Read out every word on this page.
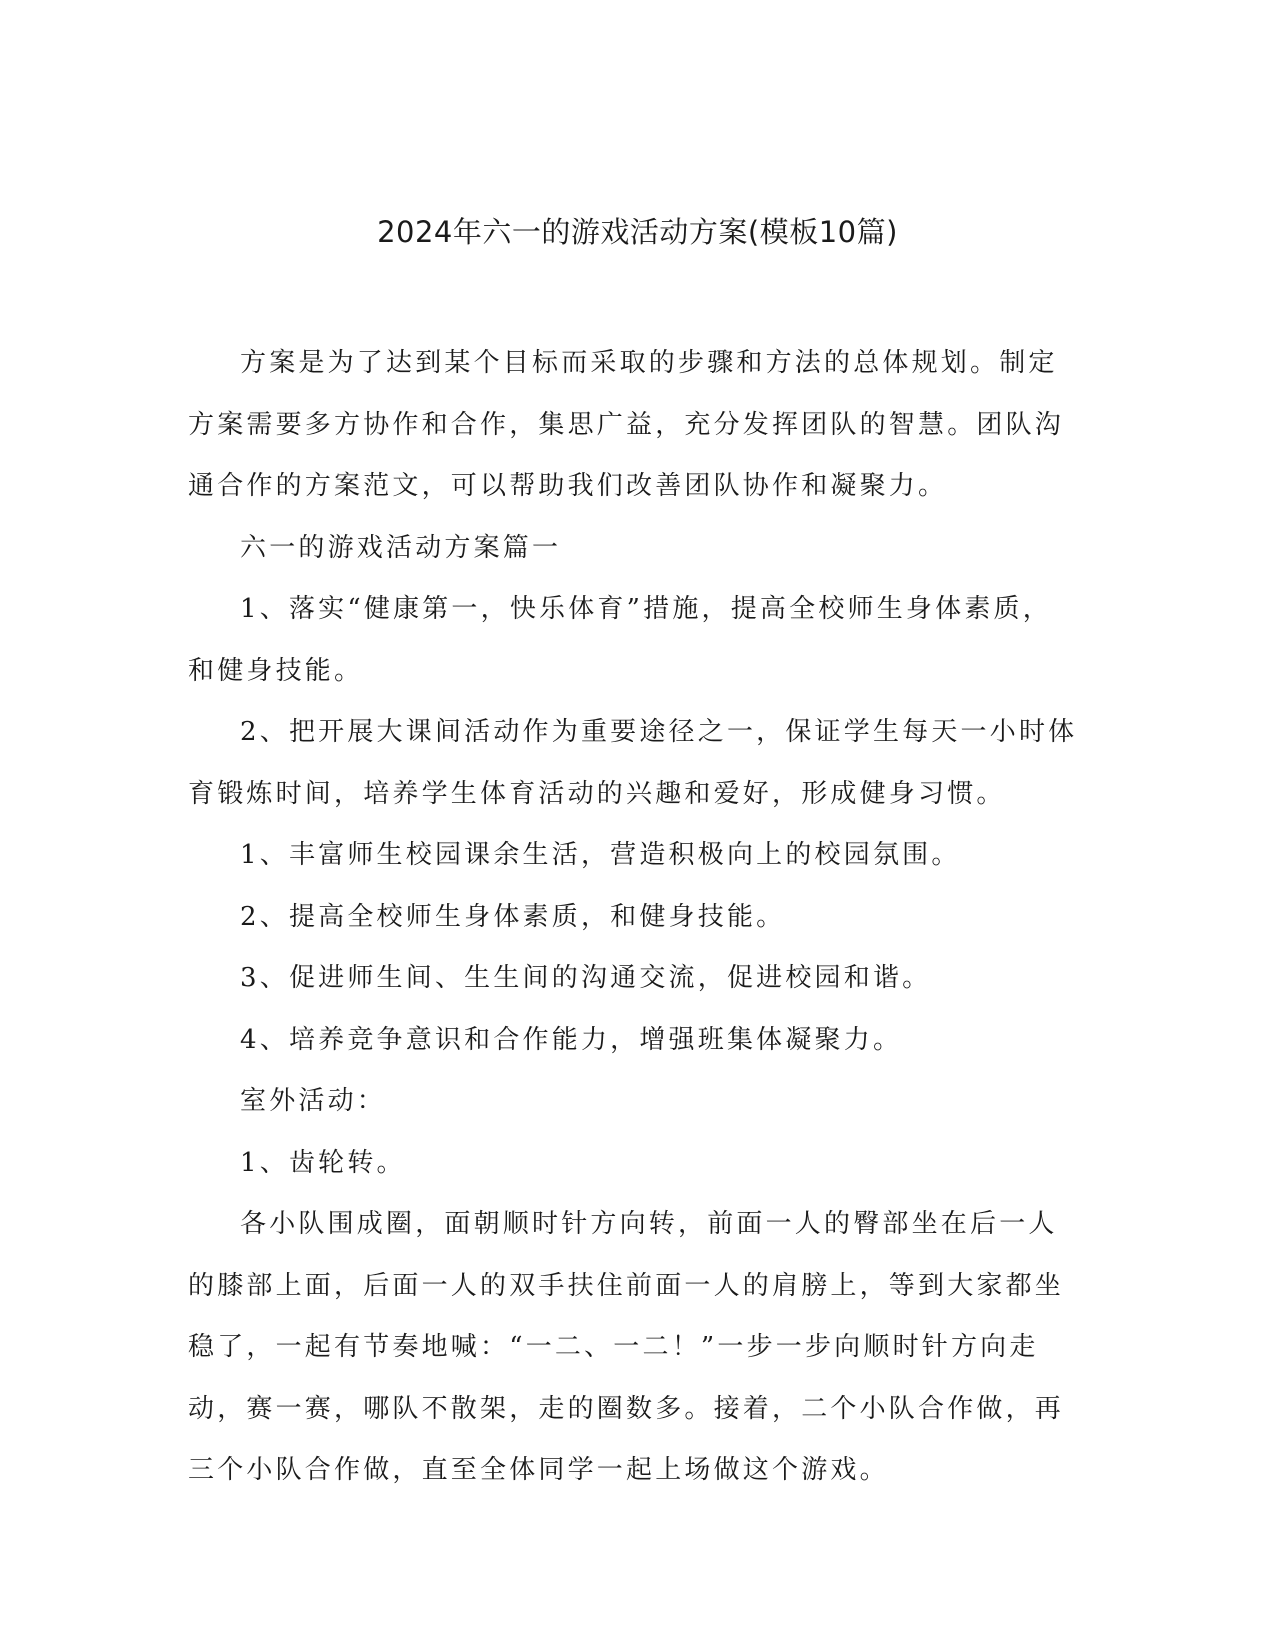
2024年六一的游戏活动方案(模板10篇)

方案是为了达到某个目标而采取的步骤和方法的总体规划。制定方案需要多方协作和合作，集思广益，充分发挥团队的智慧。团队沟通合作的方案范文，可以帮助我们改善团队协作和凝聚力。

六一的游戏活动方案篇一

1、落实“健康第一，快乐体育”措施，提高全校师生身体素质，和健身技能。

2、把开展大课间活动作为重要途径之一，保证学生每天一小时体育锻炼时间，培养学生体育活动的兴趣和爱好，形成健身习惯。

1、丰富师生校园课余生活，营造积极向上的校园氛围。

2、提高全校师生身体素质，和健身技能。

3、促进师生间、生生间的沟通交流，促进校园和谐。

4、培养竞争意识和合作能力，增强班集体凝聚力。

室外活动：

1、齿轮转。

各小队围成圈，面朝顺时针方向转，前面一人的臀部坐在后一人的膝部上面，后面一人的双手扶住前面一人的肩膀上，等到大家都坐稳了，一起有节奏地喊：“一二、一二！”一步一步向顺时针方向走动，赛一赛，哪队不散架，走的圈数多。接着，二个小队合作做，再三个小队合作做，直至全体同学一起上场做这个游戏。
